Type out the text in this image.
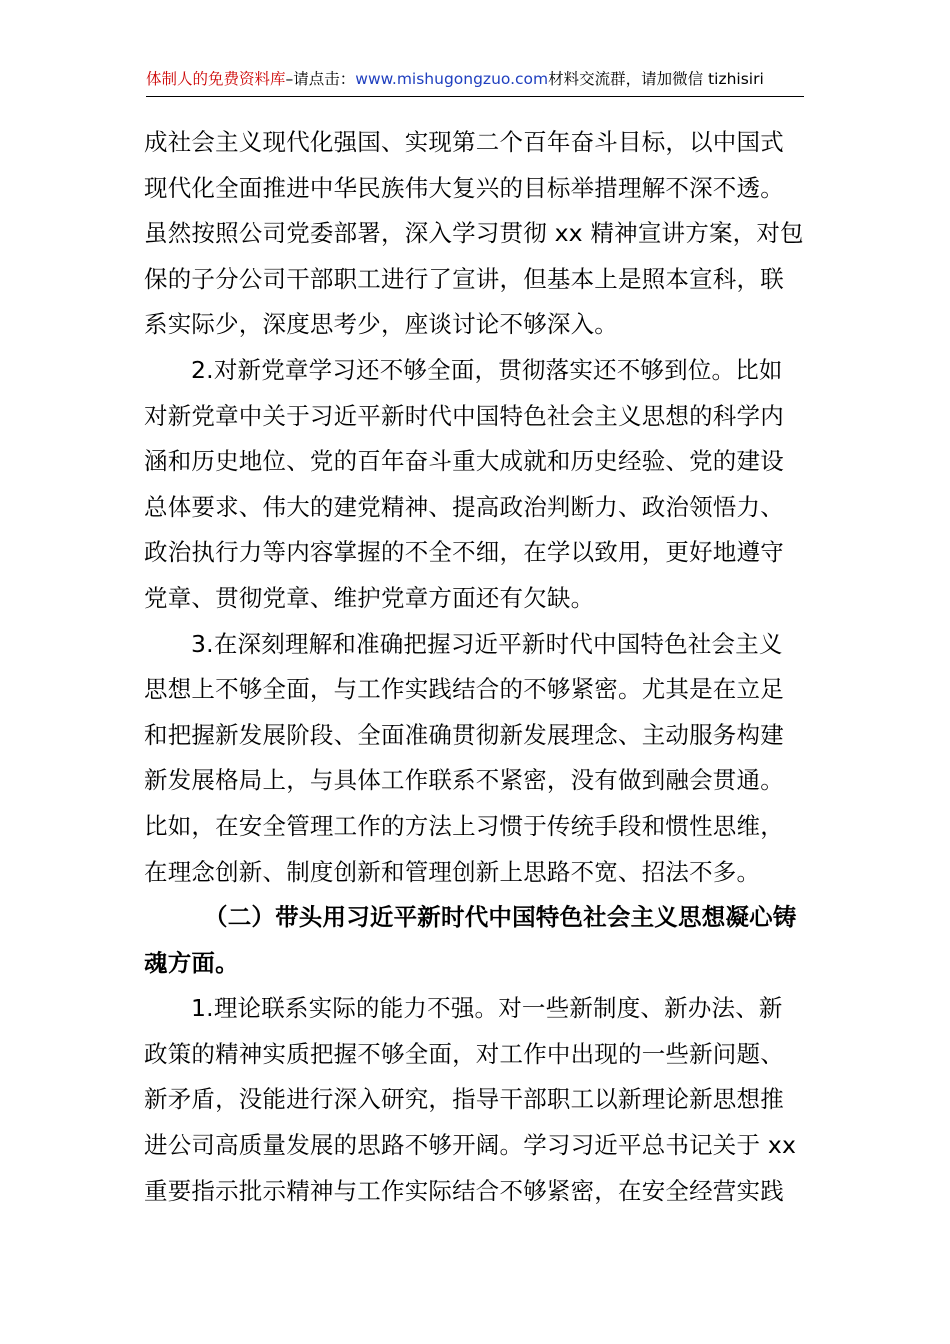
体制人的免费资料库–请点击：www.mishugongzuo.com材料交流群，请加微信 tizhisiri
成社会主义现代化强国、实现第二个百年奋斗目标，以中国式
现代化全面推进中华民族伟大复兴的目标举措理解不深不透。
虽然按照公司党委部署，深入学习贯彻 xx 精神宣讲方案，对包
保的子分公司干部职工进行了宣讲，但基本上是照本宣科，联
系实际少，深度思考少，座谈讨论不够深入。
2.对新党章学习还不够全面，贯彻落实还不够到位。比如
对新党章中关于习近平新时代中国特色社会主义思想的科学内
涵和历史地位、党的百年奋斗重大成就和历史经验、党的建设
总体要求、伟大的建党精神、提高政治判断力、政治领悟力、
政治执行力等内容掌握的不全不细，在学以致用，更好地遵守
党章、贯彻党章、维护党章方面还有欠缺。
3.在深刻理解和准确把握习近平新时代中国特色社会主义
思想上不够全面，与工作实践结合的不够紧密。尤其是在立足
和把握新发展阶段、全面准确贯彻新发展理念、主动服务构建
新发展格局上，与具体工作联系不紧密，没有做到融会贯通。
比如，在安全管理工作的方法上习惯于传统手段和惯性思维，
在理念创新、制度创新和管理创新上思路不宽、招法不多。
（二）带头用习近平新时代中国特色社会主义思想凝心铸
魂方面。
1.理论联系实际的能力不强。对一些新制度、新办法、新
政策的精神实质把握不够全面，对工作中出现的一些新问题、
新矛盾，没能进行深入研究，指导干部职工以新理论新思想推
进公司高质量发展的思路不够开阔。学习习近平总书记关于 xx
重要指示批示精神与工作实际结合不够紧密，在安全经营实践
